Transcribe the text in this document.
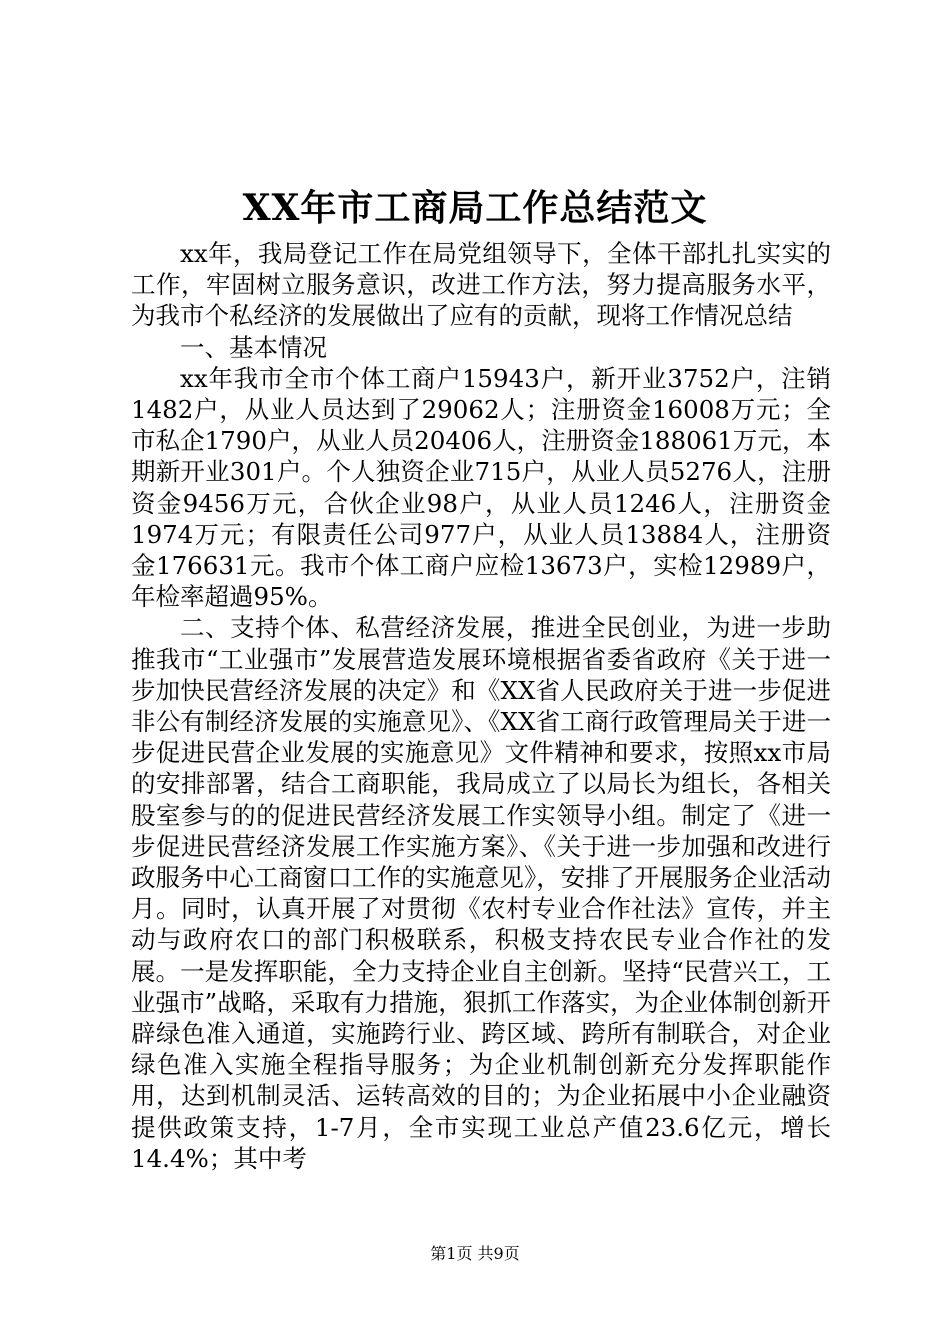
XX年市工商局工作总结范文

xx年，我局登记工作在局党组领导下，全体干部扎扎实实的工作，牢固树立服务意识，改进工作方法，努力提高服务水平，为我市个私经济的发展做出了应有的贡献，现将工作情况总结

一、基本情况

xx年我市全市个体工商户15943户，新开业3752户，注销1482户，从业人员达到了29062人；注册资金16008万元；全市私企1790户，从业人员20406人，注册资金188061万元，本期新开业301户。个人独资企业715户，从业人员5276人，注册资金9456万元，合伙企业98户，从业人员1246人，注册资金1974万元；有限责任公司977户，从业人员13884人，注册资金176631元。我市个体工商户应检13673户，实检12989户，年检率超過95%。

二、支持个体、私营经济发展，推进全民创业，为进一步助推我市“工业强市”发展营造发展环境根据省委省政府《关于进一步加快民营经济发展的决定》和《XX省人民政府关于进一步促进非公有制经济发展的实施意见》、《XX省工商行政管理局关于进一步促进民营企业发展的实施意见》文件精神和要求，按照xx市局的安排部署，结合工商职能，我局成立了以局长为组长，各相关股室参与的的促进民营经济发展工作实领导小组。制定了《进一步促进民营经济发展工作实施方案》、《关于进一步加强和改进行政服务中心工商窗口工作的实施意见》，安排了开展服务企业活动月。同时，认真开展了对贯彻《农村专业合作社法》宣传，并主动与政府农口的部门积极联系，积极支持农民专业合作社的发展。一是发挥职能，全力支持企业自主创新。坚持“民营兴工，工业强市”战略，采取有力措施，狠抓工作落实，为企业体制创新开辟绿色准入通道，实施跨行业、跨区域、跨所有制联合，对企业绿色准入实施全程指导服务；为企业机制创新充分发挥职能作用，达到机制灵活、运转高效的目的；为企业拓展中小企业融资提供政策支持，1-7月，全市实现工业总产值23.6亿元，增长14.4%；其中考

第1页 共9页
